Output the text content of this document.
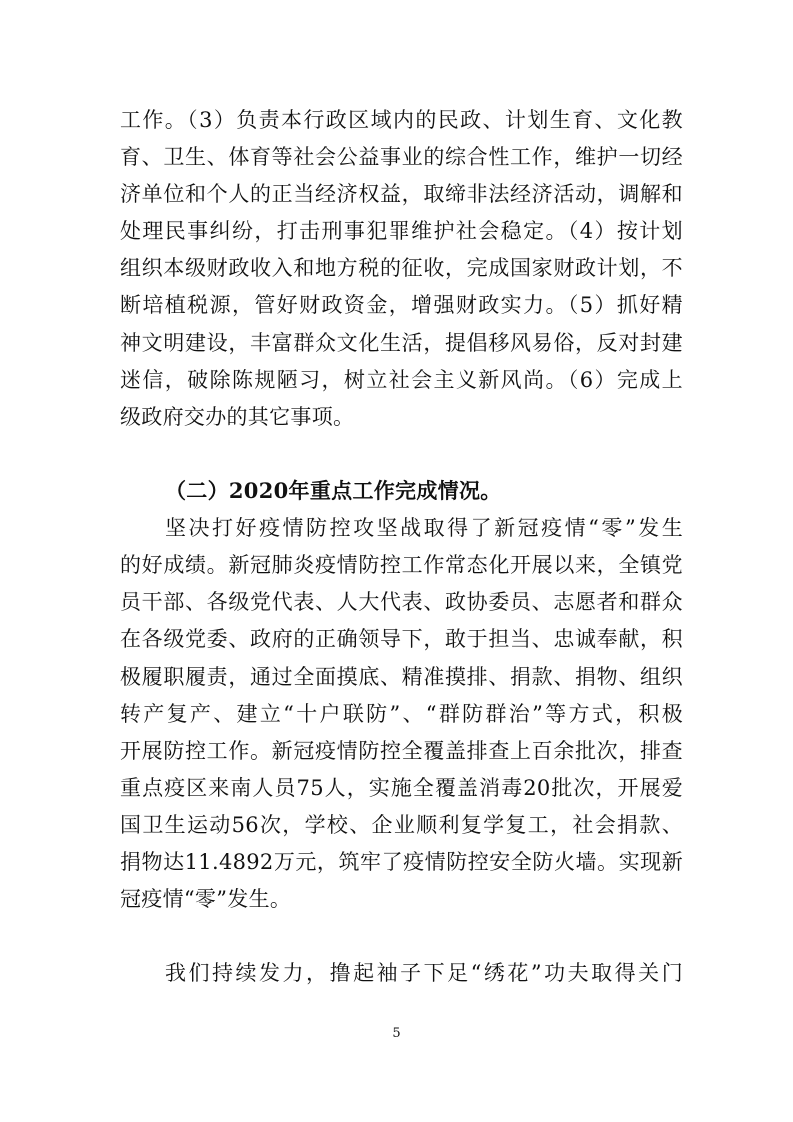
工作。（3）负责本行政区域内的民政、计划生育、文化教
育、卫生、体育等社会公益事业的综合性工作，维护一切经
济单位和个人的正当经济权益，取缔非法经济活动，调解和
处理民事纠纷，打击刑事犯罪维护社会稳定。（4）按计划
组织本级财政收入和地方税的征收，完成国家财政计划，不
断培植税源，管好财政资金，增强财政实力。（5）抓好精
神文明建设，丰富群众文化生活，提倡移风易俗，反对封建
迷信，破除陈规陋习，树立社会主义新风尚。（6）完成上
级政府交办的其它事项。
（二）2020年重点工作完成情况。
坚决打好疫情防控攻坚战取得了新冠疫情“零”发生
的好成绩。新冠肺炎疫情防控工作常态化开展以来，全镇党
员干部、各级党代表、人大代表、政协委员、志愿者和群众
在各级党委、政府的正确领导下，敢于担当、忠诚奉献，积
极履职履责，通过全面摸底、精准摸排、捐款、捐物、组织
转产复产、建立“十户联防”、“群防群治”等方式，积极
开展防控工作。新冠疫情防控全覆盖排查上百余批次，排查
重点疫区来南人员75人，实施全覆盖消毒20批次，开展爱
国卫生运动56次，学校、企业顺利复学复工，社会捐款、
捐物达11.4892万元，筑牢了疫情防控安全防火墙。实现新
冠疫情“零”发生。
我们持续发力，撸起袖子下足“绣花”功夫取得关门
5
